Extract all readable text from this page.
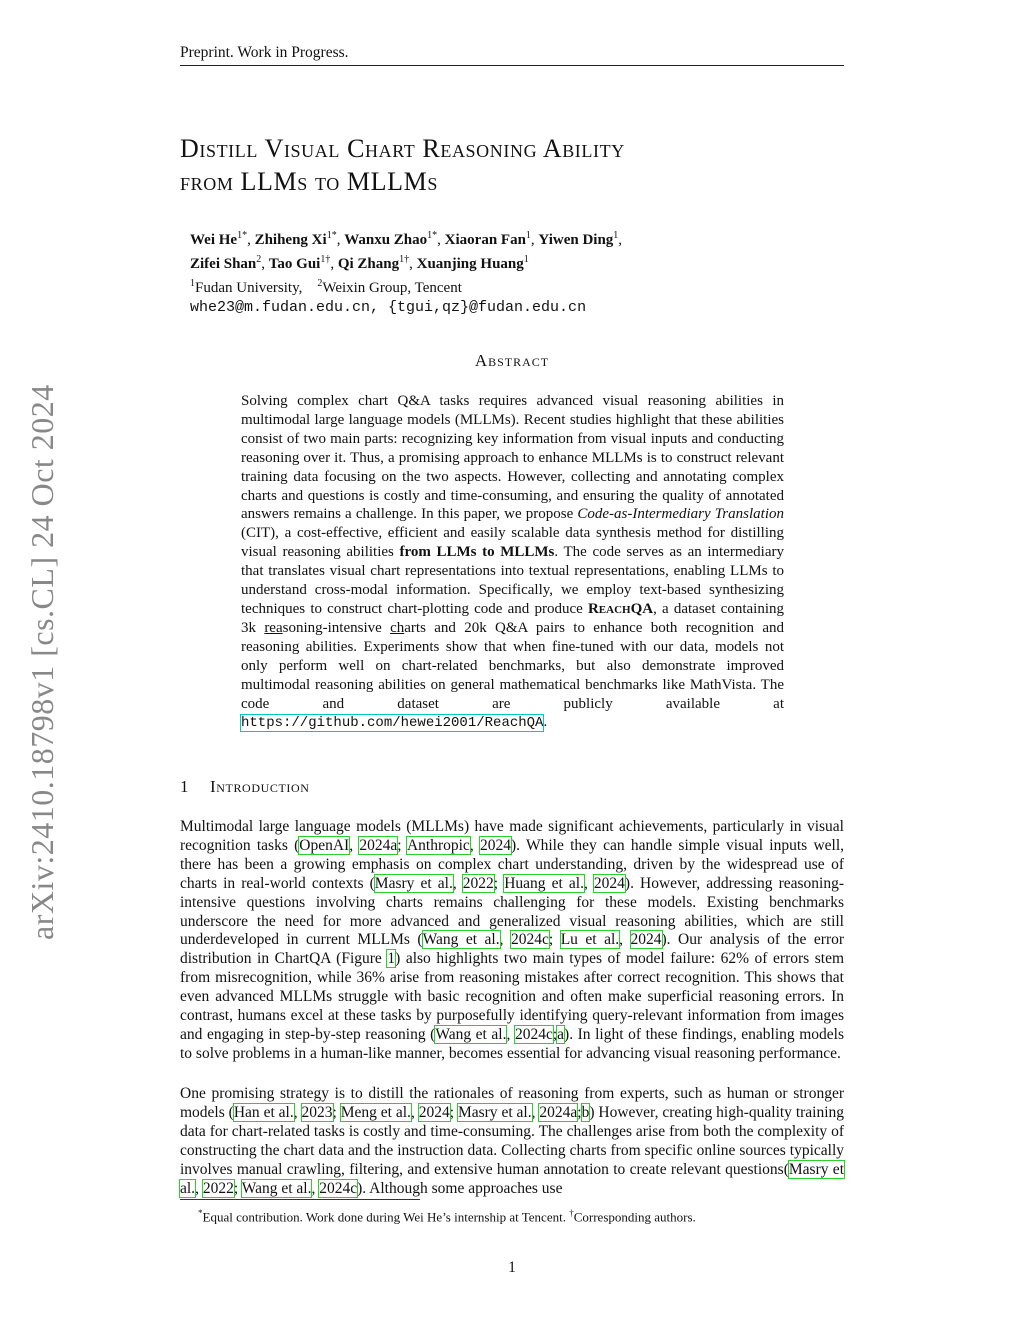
Preprint. Work in Progress.
arXiv:2410.18798v1 [cs.CL] 24 Oct 2024
Distill Visual Chart Reasoning Ability
from LLMs to MLLMs
Wei $He^{1*}$, Zhiheng $Xi^{1*}$, Wanxu Zhao$^{1*}$, Xiaoran Fan$^1$, Yiwen Ding$^1$,
Zifei Shan$^2$, Tao Gui$^{1\dagger}$, Qi Zhang$^{1\dagger}$, Xuanjing Huang$^1$
$^1$Fudan University, $^2$Weixin Group, Tencent
whe23@m.fudan.edu.cn, {tgui,qz}@fudan.edu.cn
Abstract
Solving complex chart Q&A tasks requires advanced visual reasoning abilities in multimodal large language models (MLLMs). Recent studies highlight that these abilities consist of two main parts: recognizing key information from visual inputs and conducting reasoning over it. Thus, a promising approach to enhance MLLMs is to construct relevant training data focusing on the two aspects. However, collecting and annotating complex charts and questions is costly and time-consuming, and ensuring the quality of annotated answers remains a challenge. In this paper, we propose Code-as-Intermediary Translation (CIT), a cost-effective, efficient and easily scalable data synthesis method for distilling visual reasoning abilities from LLMs to MLLMs. The code serves as an intermediary that translates visual chart representations into textual representations, enabling LLMs to understand cross-modal information. Specifically, we employ text-based synthesizing techniques to construct chart-plotting code and produce ReachQA, a dataset containing 3k reasoning-intensive charts and 20k Q&A pairs to enhance both recognition and reasoning abilities. Experiments show that when fine-tuned with our data, models not only perform well on chart-related benchmarks, but also demonstrate improved multimodal reasoning abilities on general mathematical benchmarks like MathVista. The code and dataset are publicly available at https://github.com/hewei2001/ReachQA.
1 Introduction

Multimodal large language models (MLLMs) have made significant achievements, particularly in visual recognition tasks (OpenAI, 2024a; Anthropic, 2024). While they can handle simple visual inputs well, there has been a growing emphasis on complex chart understanding, driven by the widespread use of charts in real-world contexts (Masry et al., 2022; Huang et al., 2024). However, addressing reasoning-intensive questions involving charts remains challenging for these models. Existing benchmarks underscore the need for more advanced and generalized visual reasoning abilities, which are still underdeveloped in current MLLMs (Wang et al., 2024c; Lu et al., 2024). Our analysis of the error distribution in ChartQA (Figure 1) also highlights two main types of model failure: 62% of errors stem from misrecognition, while 36% arise from reasoning mistakes after correct recognition. This shows that even advanced MLLMs struggle with basic recognition and often make superficial reasoning errors. In contrast, humans excel at these tasks by purposefully identifying query-relevant information from images and engaging in step-by-step reasoning (Wang et al., 2024c;a). In light of these findings, enabling models to solve problems in a human-like manner, becomes essential for advancing visual reasoning performance.

One promising strategy is to distill the rationales of reasoning from experts, such as human or stronger models (Han et al., 2023; Meng et al., 2024; Masry et al., 2024a;b) However, creating high-quality training data for chart-related tasks is costly and time-consuming. The challenges arise from both the complexity of constructing the chart data and the instruction data. Collecting charts from specific online sources typically involves manual crawling, filtering, and extensive human annotation to create relevant questions(Masry et al., 2022; Wang et al., 2024c). Although some approaches use

*Equal contribution. Work done during Wei He’s internship at Tencent. †Corresponding authors.
1
